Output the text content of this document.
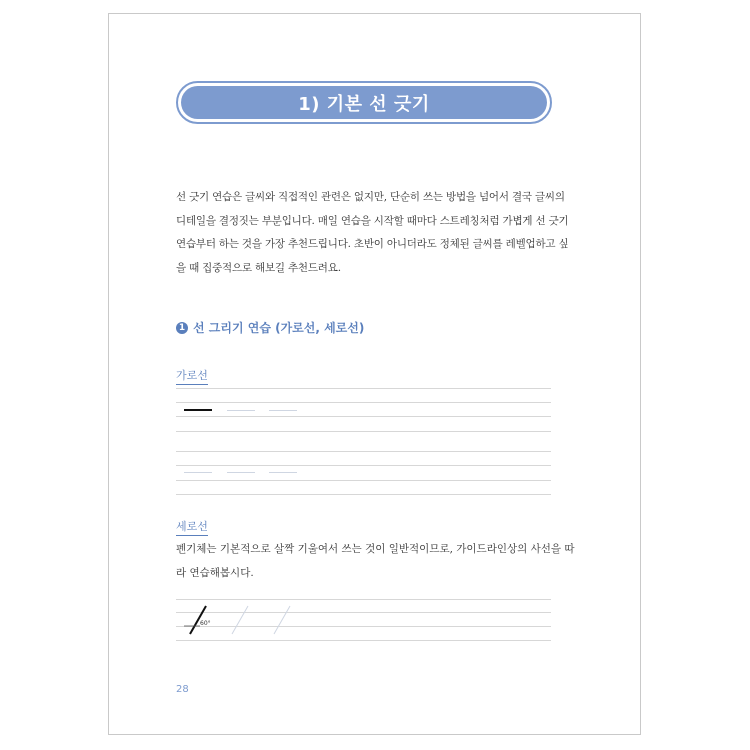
1) 기본 선 긋기
선 긋기 연습은 글씨와 직접적인 관련은 없지만, 단순히 쓰는 방법을 넘어서 결국 글씨의
디테일을 결정짓는 부분입니다. 매일 연습을 시작할 때마다 스트레칭처럼 가볍게 선 긋기
연습부터 하는 것을 가장 추천드립니다. 초반이 아니더라도 정체된 글씨를 레벨업하고 싶
을 때 집중적으로 해보길 추천드려요.
1 선 그리기 연습 (가로선, 세로선)
가로선
세로선
펜기체는 기본적으로 살짝 기울여서 쓰는 것이 일반적이므로, 가이드라인상의 사선을 따
라 연습해봅시다.
60°
28
